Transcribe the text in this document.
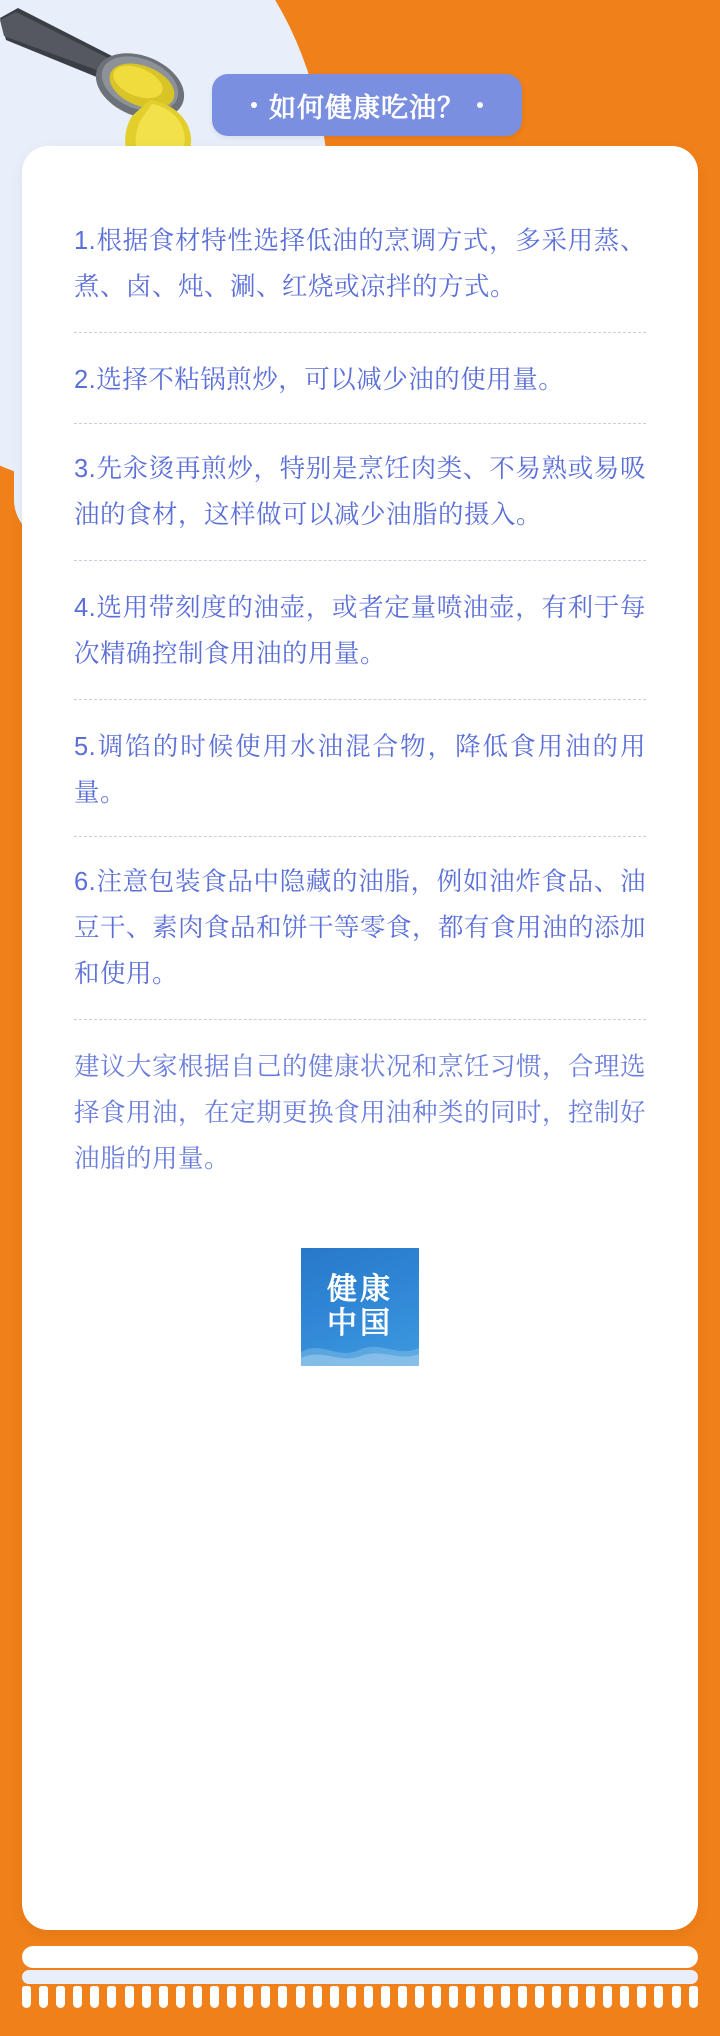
如何健康吃油？

1.根据食材特性选择低油的烹调方式，多采用蒸、煮、卤、炖、涮、红烧或凉拌的方式。

2.选择不粘锅煎炒，可以减少油的使用量。

3.先汆烫再煎炒，特别是烹饪肉类、不易熟或易吸油的食材，这样做可以减少油脂的摄入。

4.选用带刻度的油壶，或者定量喷油壶，有利于每次精确控制食用油的用量。

5.调馅的时候使用水油混合物，降低食用油的用量。

6.注意包装食品中隐藏的油脂，例如油炸食品、油豆干、素肉食品和饼干等零食，都有食用油的添加和使用。

建议大家根据自己的健康状况和烹饪习惯，合理选择食用油，在定期更换食用油种类的同时，控制好油脂的用量。

健康
中国
